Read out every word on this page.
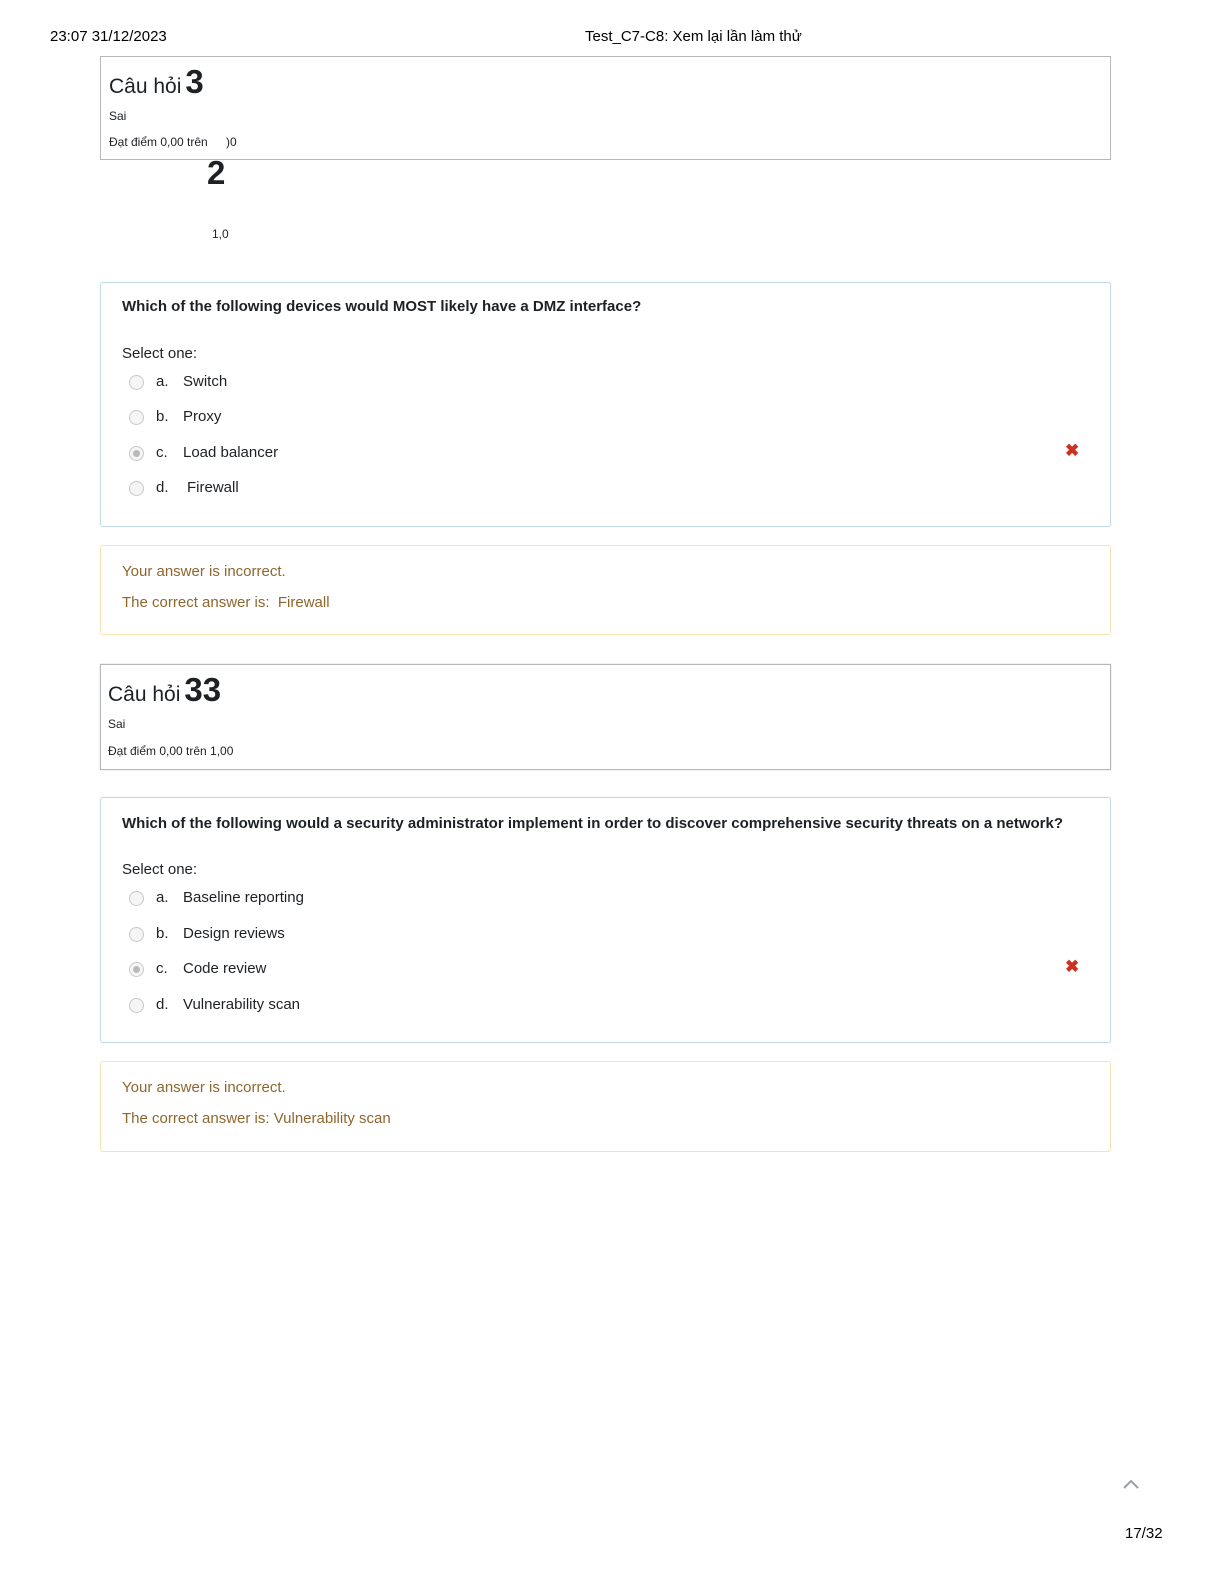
23:07 31/12/2023	Test_C7-C8: Xem lại lần làm thử
Câu hỏi 3
Sai
Đạt điểm 0,00 trên )0
2
1,0
Which of the following devices would MOST likely have a DMZ interface?
Select one:
a. Switch
b. Proxy
c. Load balancer	✖
d. Firewall
Your answer is incorrect.
The correct answer is:  Firewall
Câu hỏi 33
Sai
Đạt điểm 0,00 trên 1,00
Which of the following would a security administrator implement in order to discover comprehensive security threats on a network?
Select one:
a. Baseline reporting
b. Design reviews
c. Code review	✖
d. Vulnerability scan
Your answer is incorrect.
The correct answer is: Vulnerability scan
17/32
